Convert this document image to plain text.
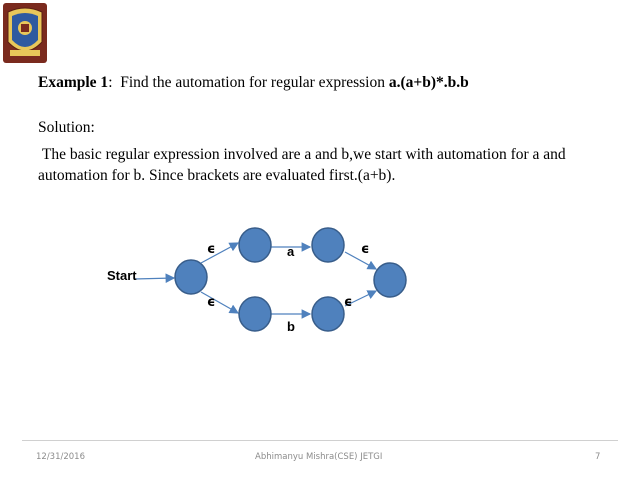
Example 1:  Find the automation for regular expression a.(a+b)*.b.b
Solution:
The basic regular expression involved are a and b,we start with automation for a and automation for b. Since brackets are evaluated first.(a+b).
Start
ϵ	a	ϵ
ϵ
b
ϵ
12/31/2016	Abhimanyu Mishra(CSE) JETGI	7
